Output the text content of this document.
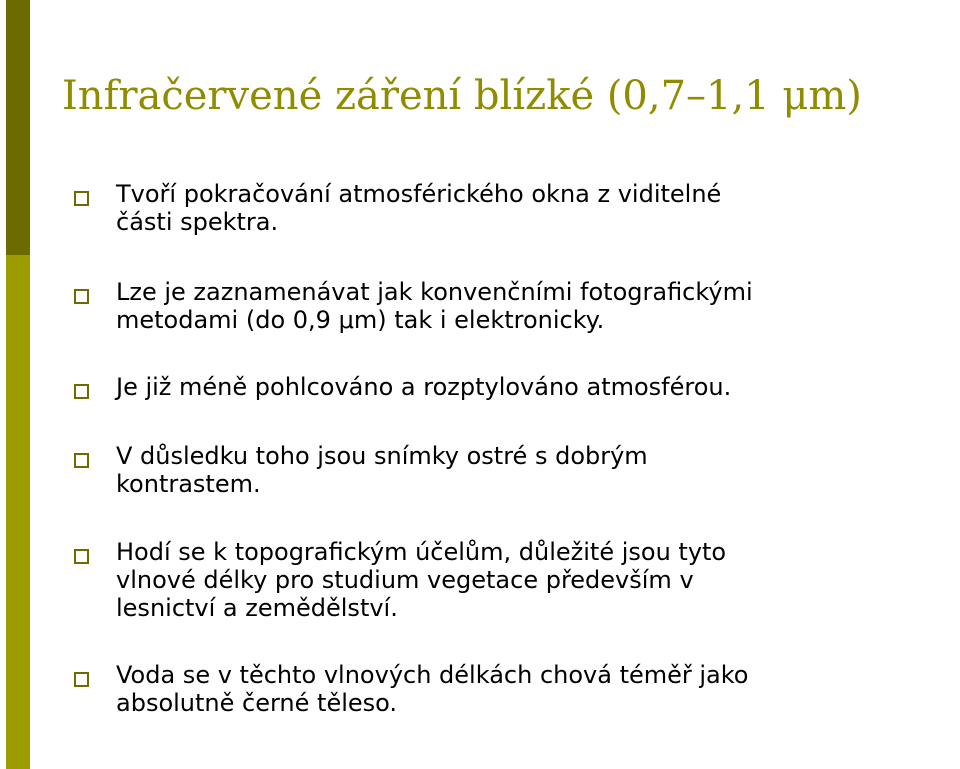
Infračervené záření blízké (0,7–1,1 μm)
Tvoří pokračování atmosférického okna z viditelné
části spektra.
Lze je zaznamenávat jak konvenčními fotografickými
metodami (do 0,9 μm) tak i elektronicky.
Je již méně pohlcováno a rozptylováno atmosférou.
V důsledku toho jsou snímky ostré s dobrým
kontrastem.
Hodí se k topografickým účelům, důležité jsou tyto
vlnové délky pro studium vegetace především v
lesnictví a zemědělství.
Voda se v těchto vlnových délkách chová téměř jako
absolutně černé těleso.
